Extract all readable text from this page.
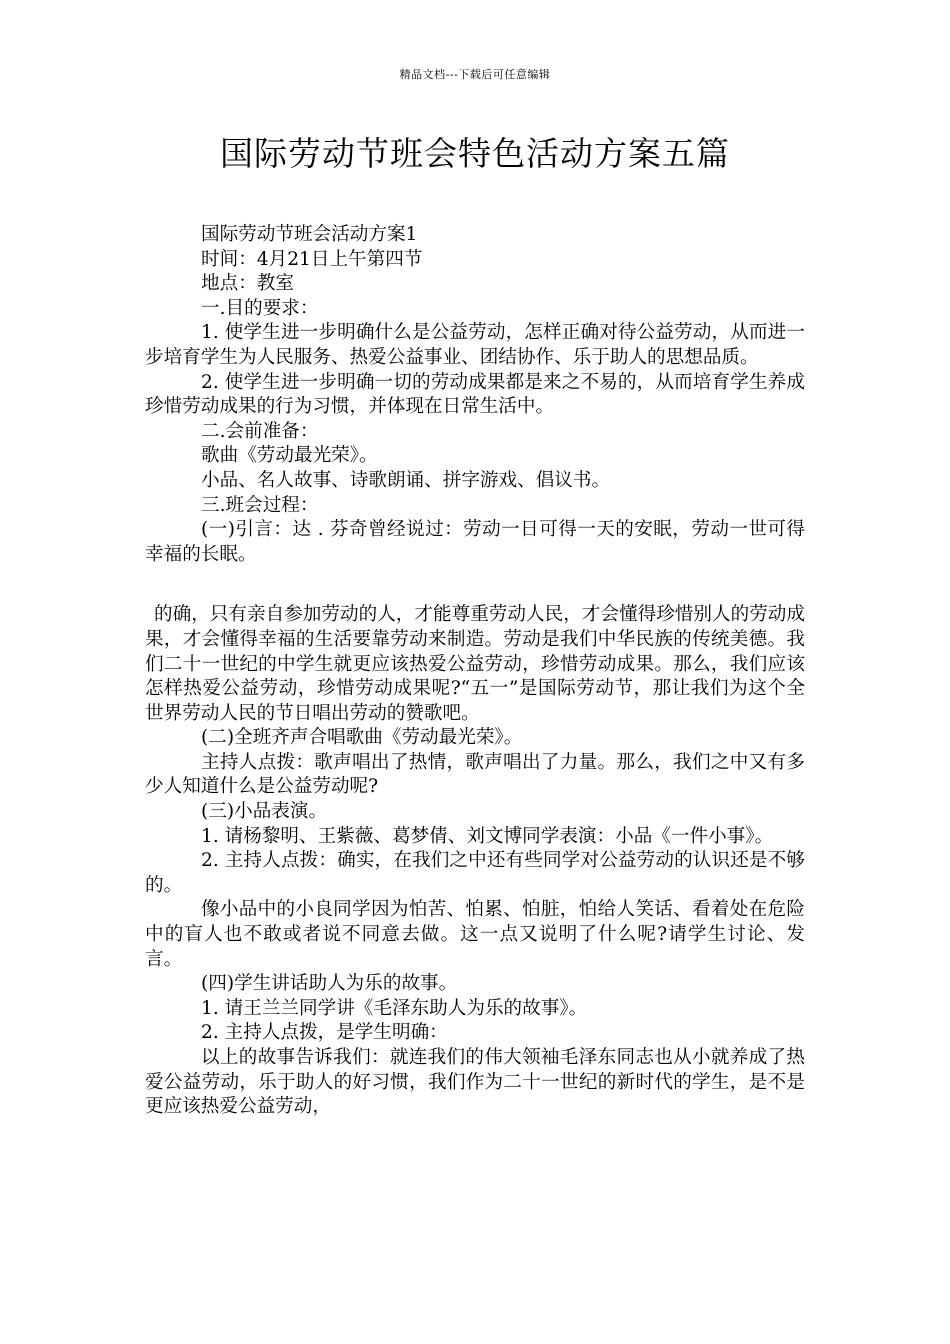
精品文档---下载后可任意编辑
国际劳动节班会特色活动方案五篇

国际劳动节班会活动方案1

时间：4月21日上午第四节

地点：教室

一.目的要求：

1. 使学生进一步明确什么是公益劳动，怎样正确对待公益劳动，从而进一步培育学生为人民服务、热爱公益事业、团结协作、乐于助人的思想品质。

2. 使学生进一步明确一切的劳动成果都是来之不易的，从而培育学生养成珍惜劳动成果的行为习惯，并体现在日常生活中。

二.会前准备：

歌曲《劳动最光荣》。

小品、名人故事、诗歌朗诵、拼字游戏、倡议书。

三.班会过程：

(一)引言：达 . 芬奇曾经说过：劳动一日可得一天的安眠，劳动一世可得幸福的长眠。

的确，只有亲自参加劳动的人，才能尊重劳动人民，才会懂得珍惜别人的劳动成果，才会懂得幸福的生活要靠劳动来制造。劳动是我们中华民族的传统美德。我们二十一世纪的中学生就更应该热爱公益劳动，珍惜劳动成果。那么，我们应该怎样热爱公益劳动，珍惜劳动成果呢?“五一”是国际劳动节，那让我们为这个全世界劳动人民的节日唱出劳动的赞歌吧。

(二)全班齐声合唱歌曲《劳动最光荣》。

主持人点拨：歌声唱出了热情，歌声唱出了力量。那么，我们之中又有多少人知道什么是公益劳动呢?

(三)小品表演。

1. 请杨黎明、王紫薇、葛梦倩、刘文博同学表演：小品《一件小事》。

2. 主持人点拨：确实，在我们之中还有些同学对公益劳动的认识还是不够的。

像小品中的小良同学因为怕苦、怕累、怕脏，怕给人笑话、看着处在危险中的盲人也不敢或者说不同意去做。这一点又说明了什么呢?请学生讨论、发言。

(四)学生讲话助人为乐的故事。

1. 请王兰兰同学讲《毛泽东助人为乐的故事》。

2. 主持人点拨，是学生明确：

以上的故事告诉我们：就连我们的伟大领袖毛泽东同志也从小就养成了热爱公益劳动，乐于助人的好习惯，我们作为二十一世纪的新时代的学生，是不是更应该热爱公益劳动，
